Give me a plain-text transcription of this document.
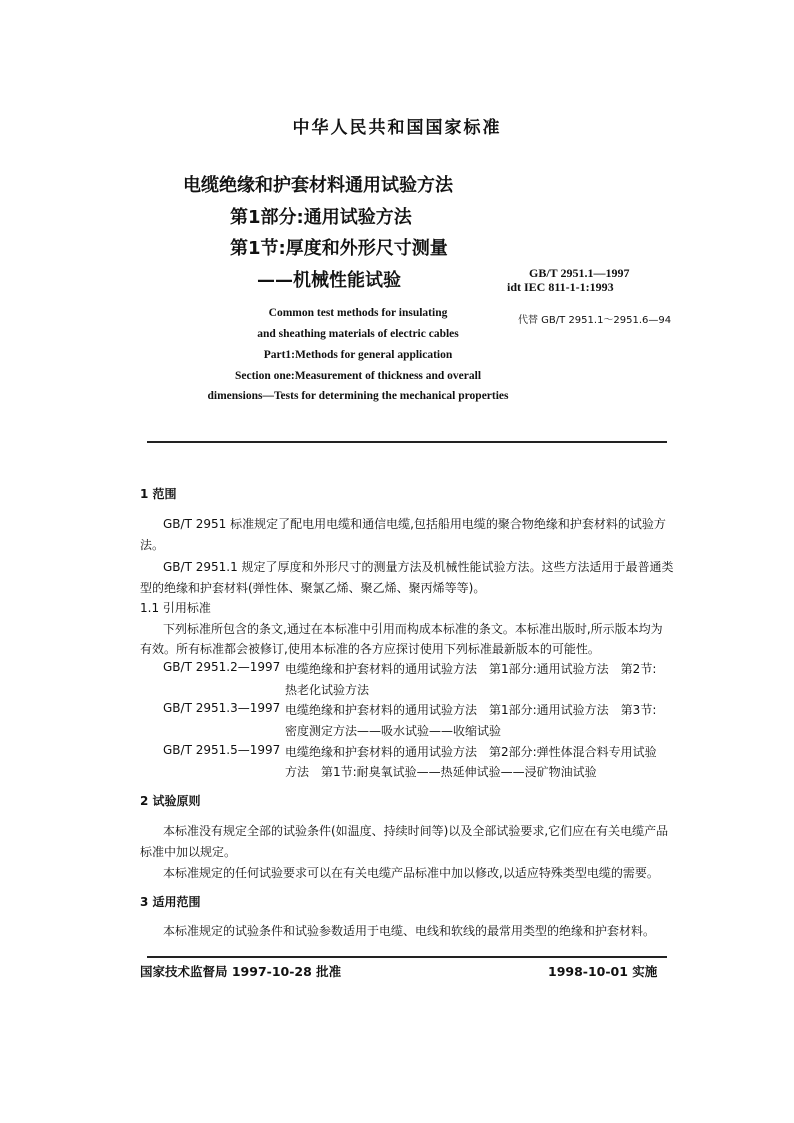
中华人民共和国国家标准
电缆绝缘和护套材料通用试验方法
第1部分:通用试验方法
第1节:厚度和外形尺寸测量
——机械性能试验	GB/T 2951.1—1997
idt IEC 811-1-1:1993
代替 GB/T 2951.1～2951.6—94
Common test methods for insulating
and sheathing materials of electric cables
Part1:Methods for general application
Section one:Measurement of thickness and overall
dimensions—Tests for determining the mechanical properties
1 范围
GB/T 2951 标准规定了配电用电缆和通信电缆,包括船用电缆的聚合物绝缘和护套材料的试验方
法。
GB/T 2951.1 规定了厚度和外形尺寸的测量方法及机械性能试验方法。这些方法适用于最普通类
型的绝缘和护套材料(弹性体、聚氯乙烯、聚乙烯、聚丙烯等等)。
1.1 引用标准
下列标准所包含的条文,通过在本标准中引用而构成本标准的条文。本标准出版时,所示版本均为
有效。所有标准都会被修订,使用本标准的各方应探讨使用下列标准最新版本的可能性。
GB/T 2951.2—1997 电缆绝缘和护套材料的通用试验方法　第1部分:通用试验方法　第2节:
热老化试验方法
GB/T 2951.3—1997 电缆绝缘和护套材料的通用试验方法　第1部分:通用试验方法　第3节:
密度测定方法——吸水试验——收缩试验
GB/T 2951.5—1997 电缆绝缘和护套材料的通用试验方法　第2部分:弹性体混合料专用试验
方法　第1节:耐臭氧试验——热延伸试验——浸矿物油试验
2 试验原则
本标准没有规定全部的试验条件(如温度、持续时间等)以及全部试验要求,它们应在有关电缆产品
标准中加以规定。
本标准规定的任何试验要求可以在有关电缆产品标准中加以修改,以适应特殊类型电缆的需要。
3 适用范围
本标准规定的试验条件和试验参数适用于电缆、电线和软线的最常用类型的绝缘和护套材料。
国家技术监督局 1997-10-28 批准	1998-10-01 实施
